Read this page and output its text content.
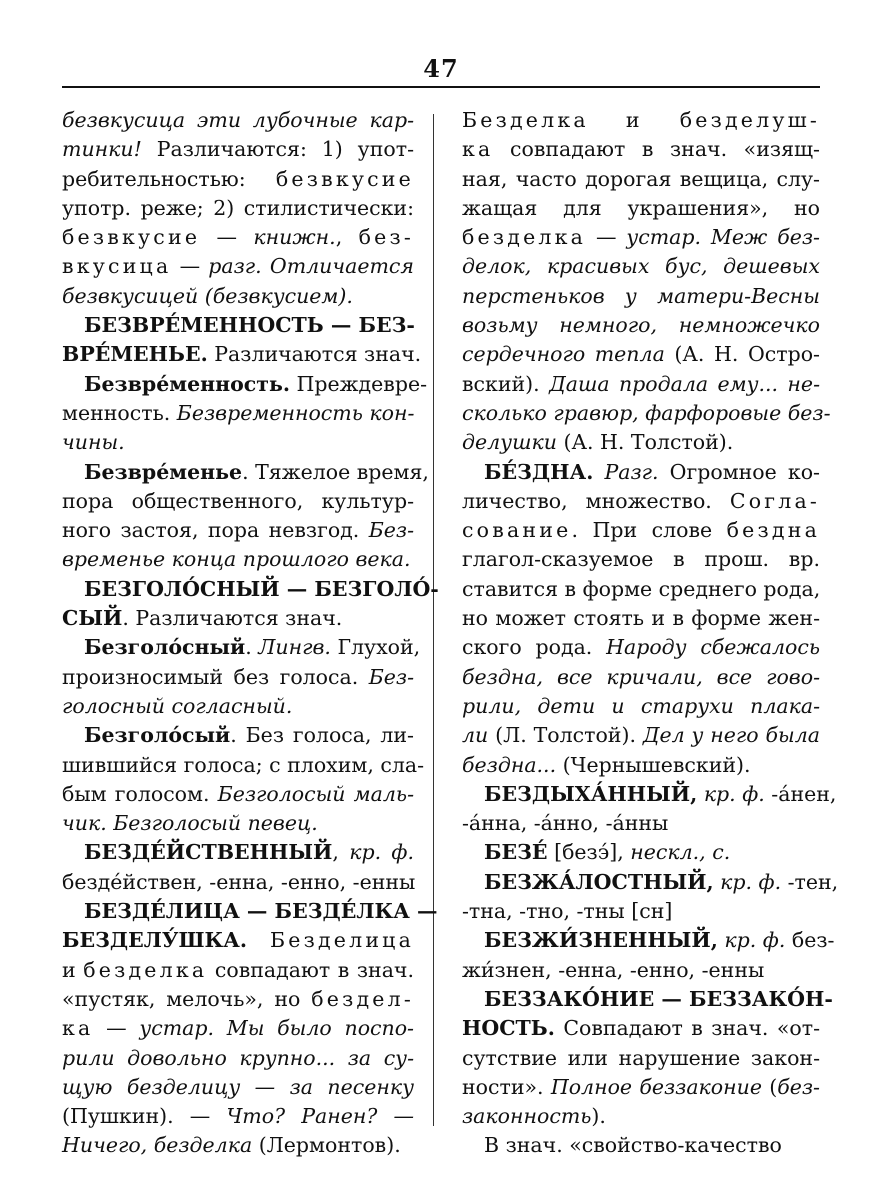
47
безвкусица эти лубочные кар-
тинки! Различаются: 1) упот-
ребительностью: безвкусие
употр. реже; 2) стилистически:
безвкусие — книжн., без-
вкусица — разг. Отличается
безвкусицей (безвкусием).
БЕЗВРЕ́МЕННОСТЬ — БЕЗ-
ВРЕ́МЕНЬЕ. Различаются знач.
Безвре́менность. Преждевре-
менность. Безвременность кон-
чины.
Безвре́менье. Тяжелое время,
пора общественного, культур-
ного застоя, пора невзгод. Без-
временье конца прошлого века.
БЕЗГОЛО́СНЫЙ — БЕЗГОЛО́-
СЫЙ. Различаются знач.
Безголо́сный. Лингв. Глухой,
произносимый без голоса. Без-
голосный согласный.
Безголо́сый. Без голоса, ли-
шившийся голоса; с плохим, сла-
бым голосом. Безголосый маль-
чик. Безголосый певец.
БЕЗДЕ́ЙСТВЕННЫЙ, кр. ф.
безде́йствен, -енна, -енно, -енны
БЕЗДЕ́ЛИЦА — БЕЗДЕ́ЛКА —
БЕЗДЕЛУ́ШКА. Безделица
и безделка совпадают в знач.
«пустяк, мелочь», но бездел-
ка — устар. Мы было поспо-
рили довольно крупно... за су-
щую безделицу — за песенку
(Пушкин). — Что? Ранен? —
Ничего, безделка (Лермонтов).
Безделка и безделуш-
ка совпадают в знач. «изящ-
ная, часто дорогая вещица, слу-
жащая для украшения», но
безделка — устар. Меж без-
делок, красивых бус, дешевых
перстеньков у матери-Весны
возьму немного, немножечко
сердечного тепла (А. Н. Остро-
вский). Даша продала ему... не-
сколько гравюр, фарфоровые без-
делушки (А. Н. Толстой).
БЕ́ЗДНА. Разг. Огромное ко-
личество, множество. Согла-
сование. При слове бездна
глагол-сказуемое в прош. вр.
ставится в форме среднего рода,
но может стоять и в форме жен-
ского рода. Народу сбежалось
бездна, все кричали, все гово-
рили, дети и старухи плака-
ли (Л. Толстой). Дел у него была
бездна... (Чернышевский).
БЕЗДЫХА́ННЫЙ, кр. ф. -а́нен,
-а́нна, -а́нно, -а́нны
БЕЗЕ́ [безэ́], нескл., с.
БЕЗЖА́ЛОСТНЫЙ, кр. ф. -тен,
-тна, -тно, -тны [сн]
БЕЗЖИ́ЗНЕННЫЙ, кр. ф. без-
жи́знен, -енна, -енно, -енны
БЕЗЗАКО́НИЕ — БЕЗЗАКО́Н-
НОСТЬ. Совпадают в знач. «от-
сутствие или нарушение закон-
ности». Полное беззаконие (без-
законность).
В знач. «свойство-качество
